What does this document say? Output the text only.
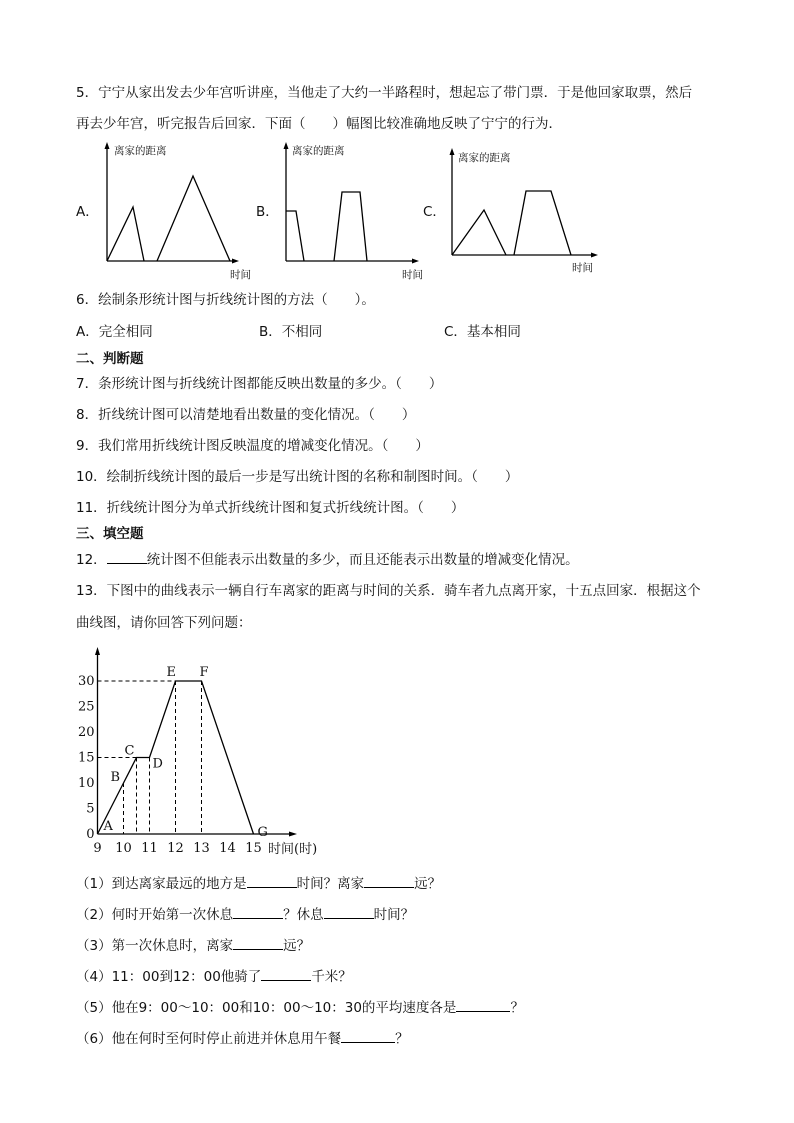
5．宁宁从家出发去少年宫听讲座，当他走了大约一半路程时，想起忘了带门票．于是他回家取票，然后
再去少年宫，听完报告后回家．下面（　　）幅图比较准确地反映了宁宁的行为．
A．
离家的距离
时间
B．
离家的距离
时间
C．
离家的距离
时间
6．绘制条形统计图与折线统计图的方法（　　）。
A．完全相同	B．不相同	C．基本相同
二、判断题
7．条形统计图与折线统计图都能反映出数量的多少。（　　）
8．折线统计图可以清楚地看出数量的变化情况。（　　）
9．我们常用折线统计图反映温度的增减变化情况。（　　）
10．绘制折线统计图的最后一步是写出统计图的名称和制图时间。（　　）
11．折线统计图分为单式折线统计图和复式折线统计图。（　　）
三、填空题
12．	统计图不但能表示出数量的多少，而且还能表示出数量的增减变化情况。
13．下图中的曲线表示一辆自行车离家的距离与时间的关系．骑车者九点离开家，十五点回家．根据这个
曲线图，请你回答下列问题：
A
B
C
D
E F
G
9 10 11 12 13 14 15
0
5
10
15
20
25
30
时间(时)
（1）到达离家最远的地方是	时间？离家	远？
（2）何时开始第一次休息	？休息	时间？
（3）第一次休息时，离家	远？
（4）11：00到12：00他骑了	千米？
（5）他在9：00～10：00和10：00～10：30的平均速度各是	？
（6）他在何时至何时停止前进并休息用午餐	？
